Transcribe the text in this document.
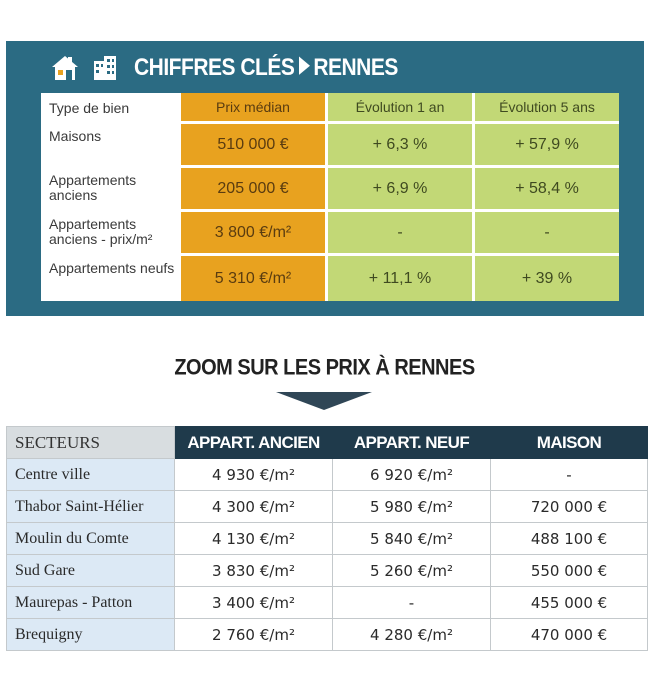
CHIFFRES CLÉS RENNES
Type de bien	Prix médian	Évolution 1 an	Évolution 5 ans
Maisons	510 000 €	+ 6,3 %	+ 57,9 %
Appartements anciens	205 000 €	+ 6,9 %	+ 58,4 %
Appartements anciens - prix/m²	3 800 €/m²	-	-
Appartements neufs	5 310 €/m²	+ 11,1 %	+ 39 %
ZOOM SUR LES PRIX À RENNES
SECTEURS	APPART. ANCIEN	APPART. NEUF	MAISON
Centre ville	4 930 €/m²	6 920 €/m²	-
Thabor Saint-Hélier	4 300 €/m²	5 980 €/m²	720 000 €
Moulin du Comte	4 130 €/m²	5 840 €/m²	488 100 €
Sud Gare	3 830 €/m²	5 260 €/m²	550 000 €
Maurepas - Patton	3 400 €/m²	-	455 000 €
Brequigny	2 760 €/m²	4 280 €/m²	470 000 €
